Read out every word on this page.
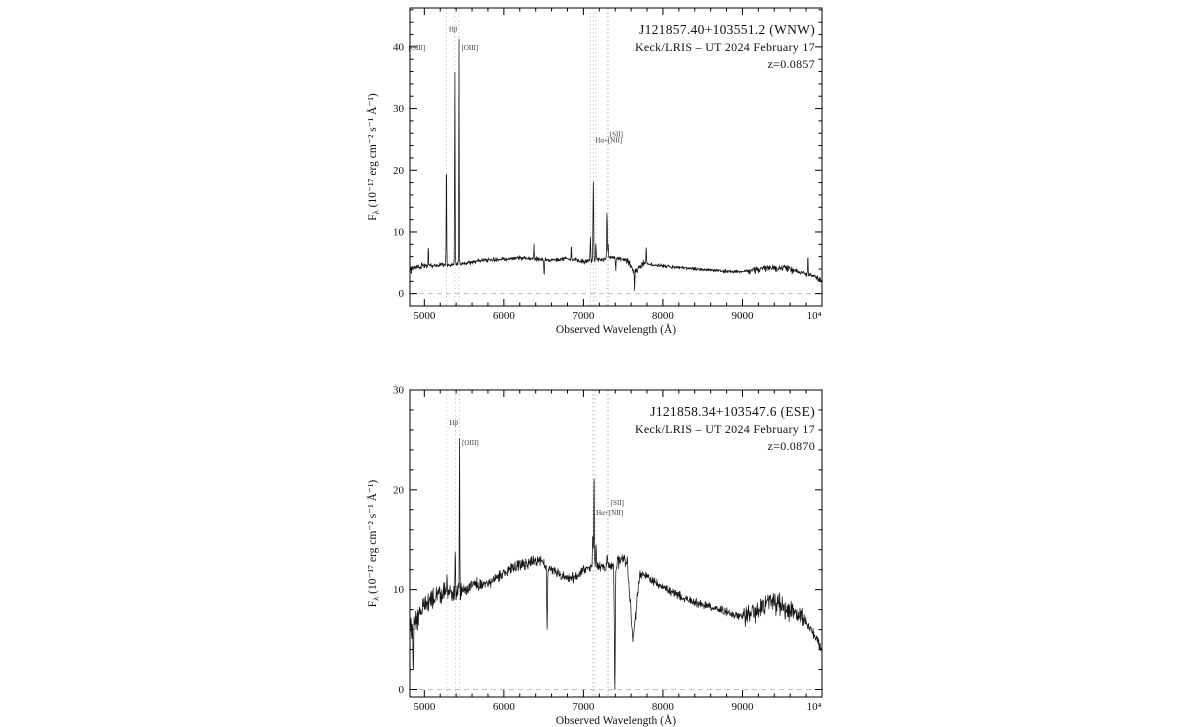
5000	6000	7000	8000	9000	10⁴
0
10
20
30
40
J121857.40+103551.2 (WNW)
Keck/LRIS – UT 2024 February 17
z=0.0857
Observed Wavelength (Å)
$F_\lambda$ (10⁻¹⁷ erg cm⁻² s⁻¹ Å⁻¹)
[OIII]
Hβ
[OIII]
Hα+[NII]
[SII]
5000	6000	7000	8000	9000	10⁴
0
10
20
30
J121858.34+103547.6 (ESE)
Keck/LRIS – UT 2024 February 17
z=0.0870
Observed Wavelength (Å)
$F_\lambda$ (10⁻¹⁷ erg cm⁻² s⁻¹ Å⁻¹)
Hβ
[OIII]
Hα+[NII]
[SII]
